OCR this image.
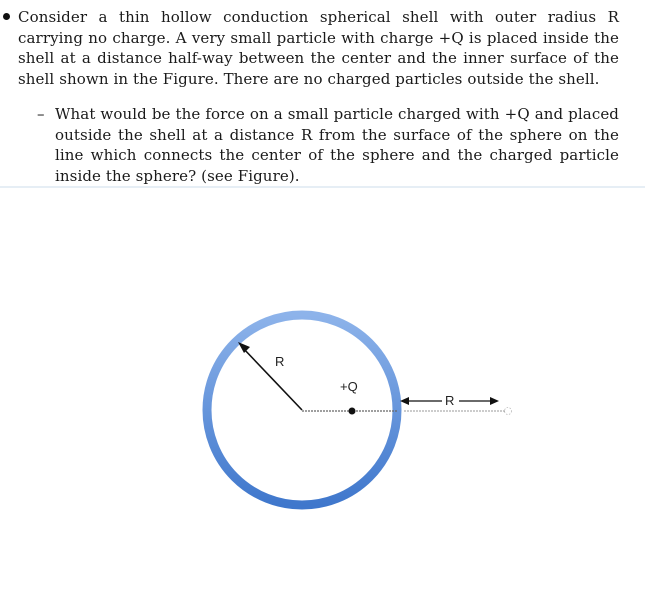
Consider a thin hollow conduction spherical shell with outer radius R carrying no charge. A very small particle with charge +Q is placed inside the shell at a distance half-way between the center and the inner surface of the shell shown in the Figure. There are no charged particles outside the shell.

– What would be the force on a small particle charged with +Q and placed outside the shell at a distance R from the surface of the sphere on the line which connects the center of the sphere and the charged particle inside the sphere? (see Figure).

R
+Q
R
